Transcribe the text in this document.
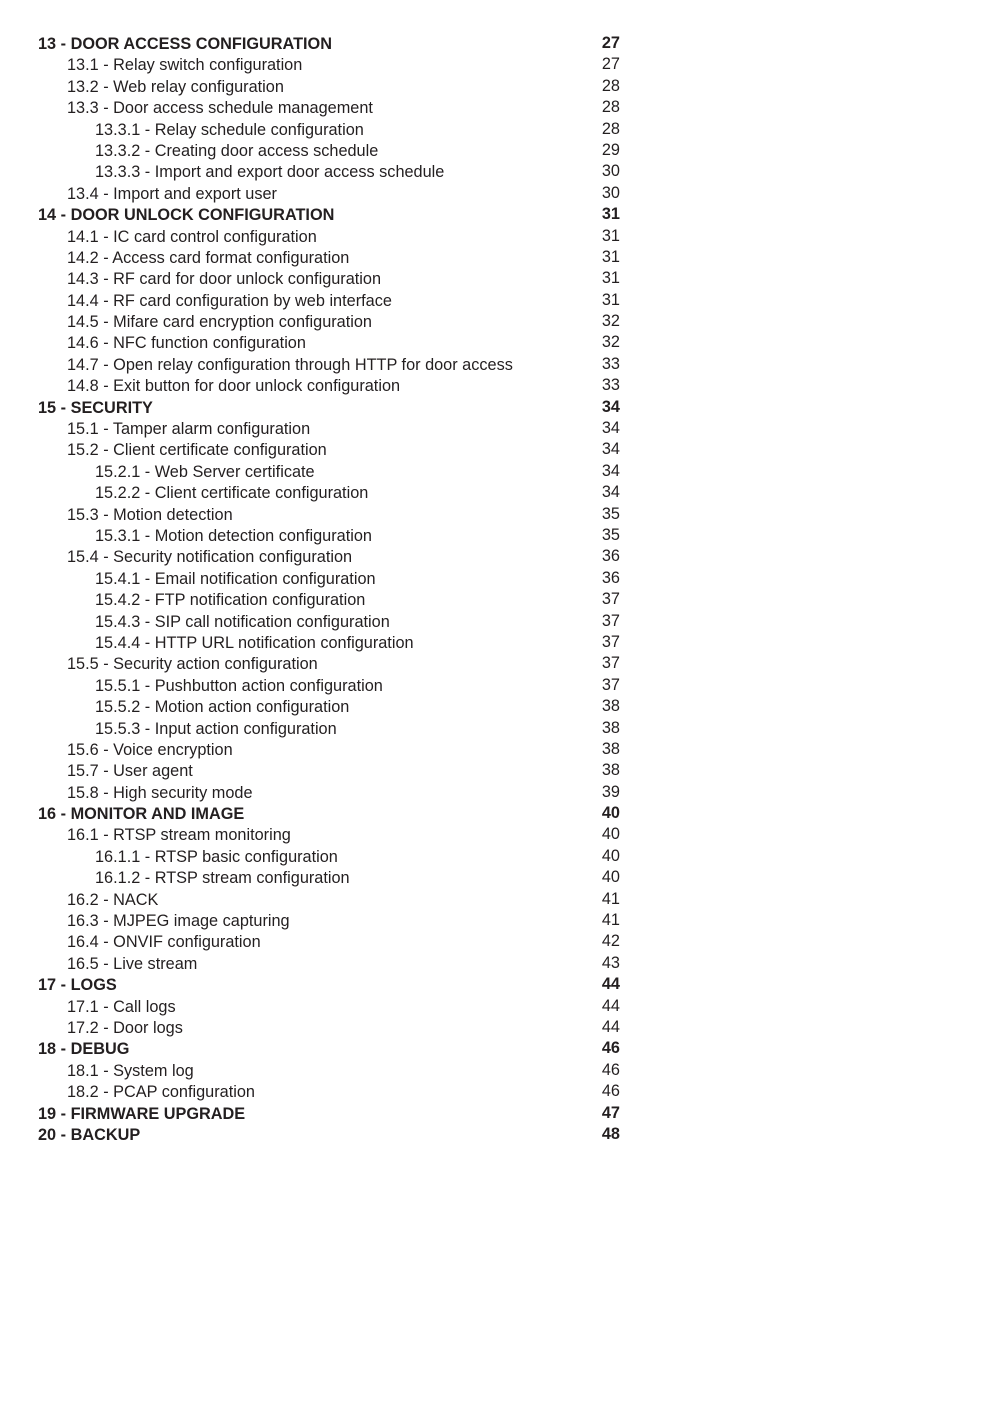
13 - DOOR ACCESS CONFIGURATION	27
13.1 - Relay switch configuration	27
13.2 - Web relay configuration	28
13.3 - Door access schedule management	28
13.3.1 - Relay schedule configuration	28
13.3.2 - Creating door access schedule	29
13.3.3 - Import and export door access schedule	30
13.4 - Import and export user	30
14 - DOOR UNLOCK CONFIGURATION	31
14.1 - IC card control configuration	31
14.2 - Access card format configuration	31
14.3 - RF card for door unlock configuration	31
14.4 - RF card configuration by web interface	31
14.5 - Mifare card encryption configuration	32
14.6 - NFC function configuration	32
14.7 - Open relay configuration through HTTP for door access	33
14.8 - Exit button for door unlock configuration	33
15 - SECURITY	34
15.1 - Tamper alarm configuration	34
15.2 - Client certificate configuration	34
15.2.1 - Web Server certificate	34
15.2.2 - Client certificate configuration	34
15.3 - Motion detection	35
15.3.1 - Motion detection configuration	35
15.4 - Security notification configuration	36
15.4.1 - Email notification configuration	36
15.4.2 - FTP notification configuration	37
15.4.3 - SIP call notification configuration	37
15.4.4 - HTTP URL notification configuration	37
15.5 - Security action configuration	37
15.5.1 - Pushbutton action configuration	37
15.5.2 - Motion action configuration	38
15.5.3 - Input action configuration	38
15.6 - Voice encryption	38
15.7 - User agent	38
15.8 - High security mode	39
16 - MONITOR AND IMAGE	40
16.1 - RTSP stream monitoring	40
16.1.1 - RTSP basic configuration	40
16.1.2 - RTSP stream configuration	40
16.2 - NACK	41
16.3 - MJPEG image capturing	41
16.4 - ONVIF configuration	42
16.5 - Live stream	43
17 - LOGS	44
17.1 - Call logs	44
17.2 - Door logs	44
18 - DEBUG	46
18.1 - System log	46
18.2 - PCAP configuration	46
19 - FIRMWARE UPGRADE	47
20 - BACKUP	48
